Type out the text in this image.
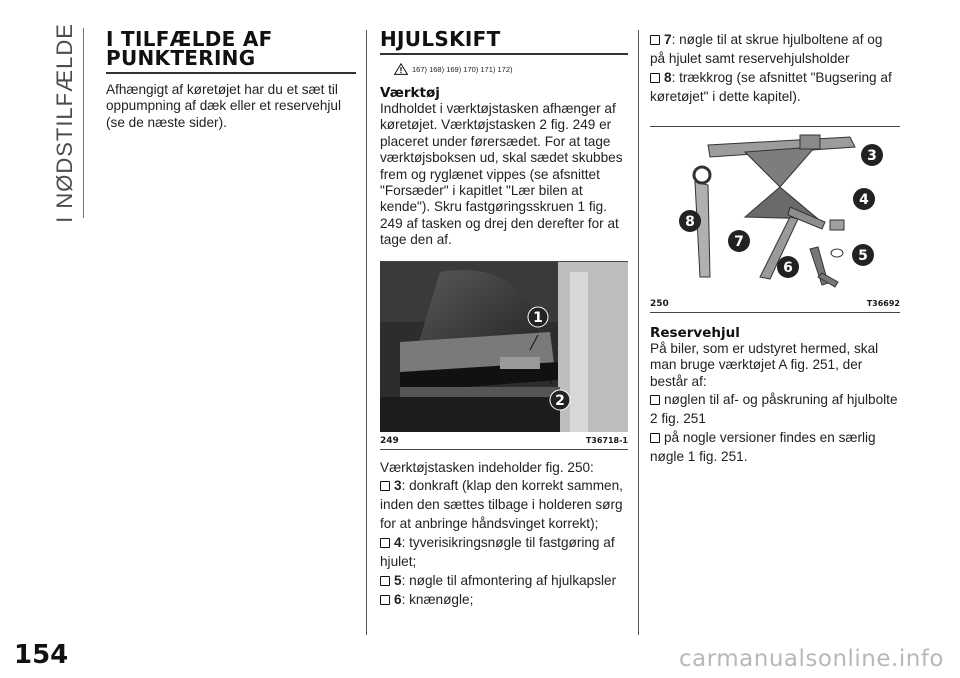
I NØDSTILFÆLDE I TILFÆLDE AF PUNKTERING

Afhængigt af køretøjet har du et sæt til oppumpning af dæk eller et reservehjul (se de næste sider).

HJULSKIFT
167) 168) 169) 170) 171) 172)
Værktøj

Indholdet i værktøjstasken afhænger af køretøjet. Værktøjstasken 2 fig. 249 er placeret under førersædet. For at tage værktøjsboksen ud, skal sædet skubbes frem og ryglænet vippes (se afsnittet "Forsæder" i kapitlet "Lær bilen at kende"). Skru fastgøringsskruen 1 fig. 249 af tasken og drej den derefter for at tage den af.

1
2
249	T36718-1

Værktøjstasken indeholder fig. 250:

3: donkraft (klap den korrekt sammen, inden den sættes tilbage i holderen sørg for at anbringe håndsvinget korrekt);
4: tyverisikringsnøgle til fastgøring af hjulet;
5: nøgle til afmontering af hjulkapsler
6: knænøgle;
7: nøgle til at skrue hjulboltene af og på hjulet samt reservehjulsholder
8: trækkrog (se afsnittet "Bugsering af køretøjet" i dette kapitel).
3
4
5
6
7
8
250	T36692
Reservehjul

På biler, som er udstyret hermed, skal man bruge værktøjet A fig. 251, der består af:

nøglen til af- og påskruning af hjulbolte 2 fig. 251
på nogle versioner findes en særlig nøgle 1 fig. 251.
154	carmanualsonline.info
